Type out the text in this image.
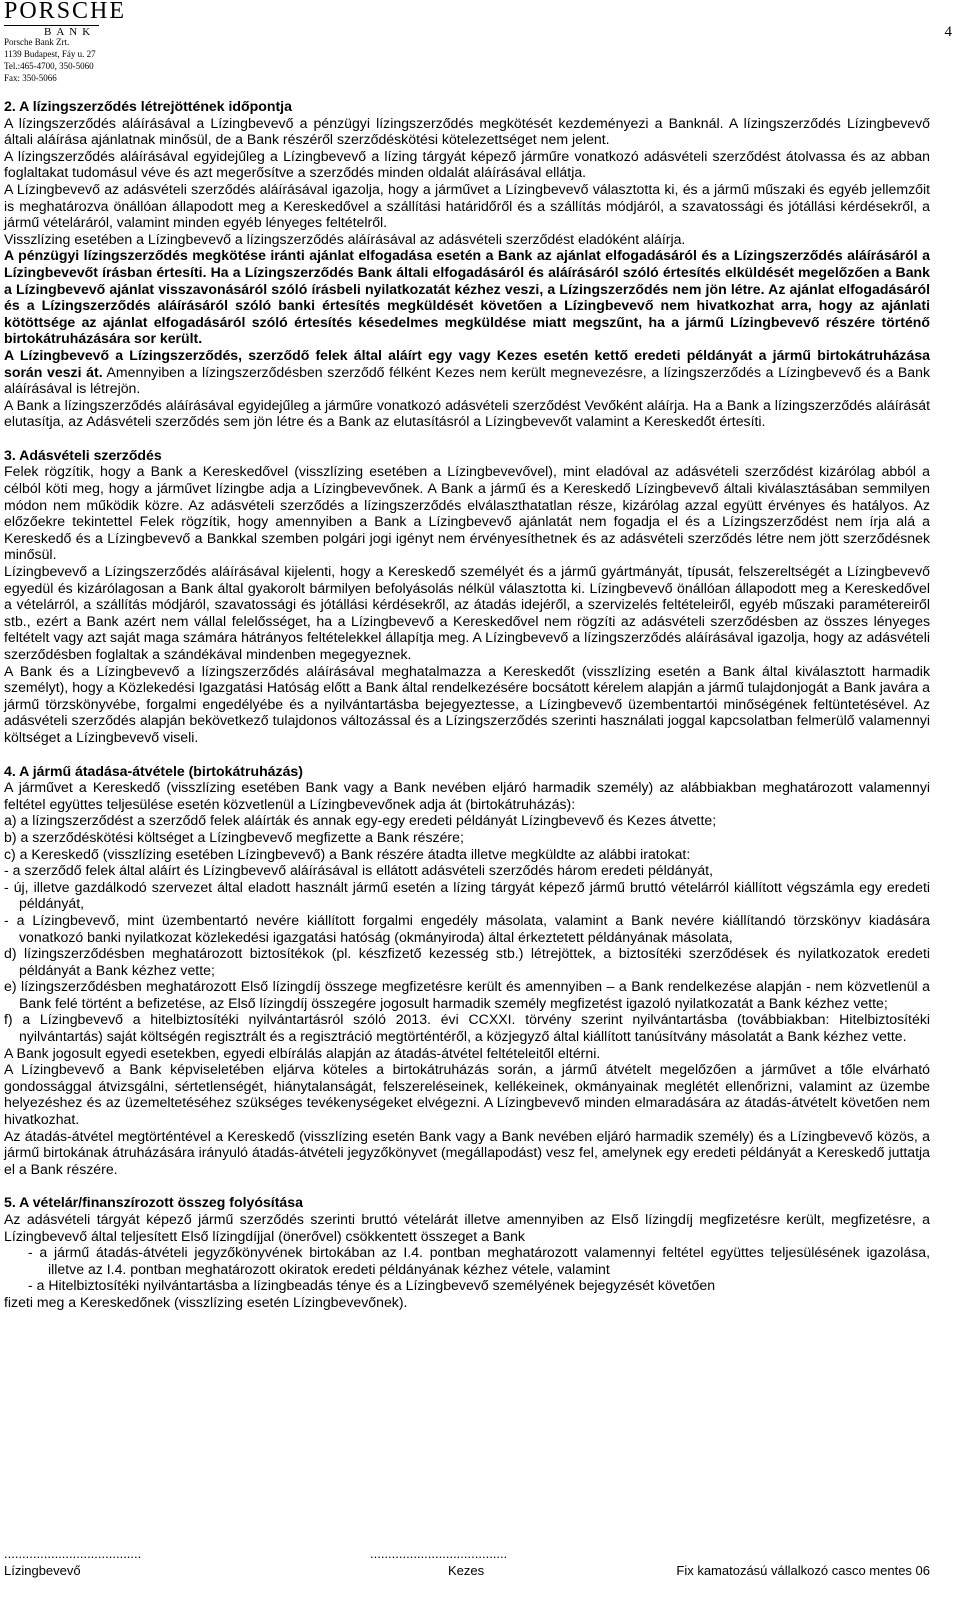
PORSCHE
BANK
Porsche Bank Zrt.
1139 Budapest, Fáy u. 27
Tel.:465-4700, 350-5060
Fax: 350-5066
4
2. A lízingszerződés létrejöttének időpontja

A lízingszerződés aláírásával a Lízingbevevő a pénzügyi lízingszerződés megkötését kezdeményezi a Banknál. A lízingszerződés Lízingbevevő általi aláírása ajánlatnak minősül, de a Bank részéről szerződéskötési kötelezettséget nem jelent.

A lízingszerződés aláírásával egyidejűleg a Lízingbevevő a lízing tárgyát képező járműre vonatkozó adásvételi szerződést átolvassa és az abban foglaltakat tudomásul véve és azt megerősítve a szerződés minden oldalát aláírásával ellátja.

A Lízingbevevő az adásvételi szerződés aláírásával igazolja, hogy a járművet a Lízingbevevő választotta ki, és a jármű műszaki és egyéb jellemzőit is meghatározva önállóan állapodott meg a Kereskedővel a szállítási határidőről és a szállítás módjáról, a szavatossági és jótállási kérdésekről, a jármű vételáráról, valamint minden egyéb lényeges feltételről.

Visszlízing esetében a Lízingbevevő a lízingszerződés aláírásával az adásvételi szerződést eladóként aláírja.

A pénzügyi lízingszerződés megkötése iránti ajánlat elfogadása esetén a Bank az ajánlat elfogadásáról és a Lízingszerződés aláírásáról a Lízingbevevőt írásban értesíti. Ha a Lízingszerződés Bank általi elfogadásáról és aláírásáról szóló értesítés elküldését megelőzően a Bank a Lízingbevevő ajánlat visszavonásáról szóló írásbeli nyilatkozatát kézhez veszi, a Lízingszerződés nem jön létre. Az ajánlat elfogadásáról és a Lízingszerződés aláírásáról szóló banki értesítés megküldését követően a Lízingbevevő nem hivatkozhat arra, hogy az ajánlati kötöttsége az ajánlat elfogadásáról szóló értesítés késedelmes megküldése miatt megszűnt, ha a jármű Lízingbevevő részére történő birtokátruházására sor került.

A Lízingbevevő a Lízingszerződés, szerződő felek által aláírt egy vagy Kezes esetén kettő eredeti példányát a jármű birtokátruházása során veszi át. Amennyiben a lízingszerződésben szerződő félként Kezes nem került megnevezésre, a lízingszerződés a Lízingbevevő és a Bank aláírásával is létrejön.

A Bank a lízingszerződés aláírásával egyidejűleg a járműre vonatkozó adásvételi szerződést Vevőként aláírja. Ha a Bank a lízingszerződés aláírását elutasítja, az Adásvételi szerződés sem jön létre és a Bank az elutasításról a Lízingbevevőt valamint a Kereskedőt értesíti.

3. Adásvételi szerződés

Felek rögzítik, hogy a Bank a Kereskedővel (visszlízing esetében a Lízingbevevővel), mint eladóval az adásvételi szerződést kizárólag abból a célból köti meg, hogy a járművet lízingbe adja a Lízingbevevőnek. A Bank a jármű és a Kereskedő Lízingbevevő általi kiválasztásában semmilyen módon nem működik közre. Az adásvételi szerződés a lízingszerződés elválaszthatatlan része, kizárólag azzal együtt érvényes és hatályos. Az előzőekre tekintettel Felek rögzítik, hogy amennyiben a Bank a Lízingbevevő ajánlatát nem fogadja el és a Lízingszerződést nem írja alá a Kereskedő és a Lízingbevevő a Bankkal szemben polgári jogi igényt nem érvényesíthetnek és az adásvételi szerződés létre nem jött szerződésnek minősül.

Lízingbevevő a Lízingszerződés aláírásával kijelenti, hogy a Kereskedő személyét és a jármű gyártmányát, típusát, felszereltségét a Lízingbevevő egyedül és kizárólagosan a Bank által gyakorolt bármilyen befolyásolás nélkül választotta ki. Lízingbevevő önállóan állapodott meg a Kereskedővel a vételárról, a szállítás módjáról, szavatossági és jótállási kérdésekről, az átadás idejéről, a szervizelés feltételeiről, egyéb műszaki paramétereiről stb., ezért a Bank azért nem vállal felelősséget, ha a Lízingbevevő a Kereskedővel nem rögzíti az adásvételi szerződésben az összes lényeges feltételt vagy azt saját maga számára hátrányos feltételekkel állapítja meg. A Lízingbevevő a lízingszerződés aláírásával igazolja, hogy az adásvételi szerződésben foglaltak a szándékával mindenben megegyeznek.

A Bank és a Lízingbevevő a lízingszerződés aláírásával meghatalmazza a Kereskedőt (visszlízing esetén a Bank által kiválasztott harmadik személyt), hogy a Közlekedési Igazgatási Hatóság előtt a Bank által rendelkezésére bocsátott kérelem alapján a jármű tulajdonjogát a Bank javára a jármű törzskönyvébe, forgalmi engedélyébe és a nyilvántartásba bejegyeztesse, a Lízingbevevő üzembentartói minőségének feltüntetésével. Az adásvételi szerződés alapján bekövetkező tulajdonos változással és a Lízingszerződés szerinti használati joggal kapcsolatban felmerülő valamennyi költséget a Lízingbevevő viseli.

4. A jármű átadása-átvétele (birtokátruházás)

A járművet a Kereskedő (visszlízing esetében Bank vagy a Bank nevében eljáró harmadik személy) az alábbiakban meghatározott valamennyi feltétel együttes teljesülése esetén közvetlenül a Lízingbevevőnek adja át (birtokátruházás):

a) a lízingszerződést a szerződő felek aláírták és annak egy-egy eredeti példányát Lízingbevevő és Kezes átvette;

b) a szerződéskötési költséget a Lízingbevevő megfizette a Bank részére;

c) a Kereskedő (visszlízing esetében Lízingbevevő) a Bank részére átadta illetve megküldte az alábbi iratokat:

- a szerződő felek által aláírt és Lízingbevevő aláírásával is ellátott adásvételi szerződés három eredeti példányát,

- új, illetve gazdálkodó szervezet által eladott használt jármű esetén a lízing tárgyát képező jármű bruttó vételárról kiállított végszámla egy eredeti példányát,

- a Lízingbevevő, mint üzembentartó nevére kiállított forgalmi engedély másolata, valamint a Bank nevére kiállítandó törzskönyv kiadására vonatkozó banki nyilatkozat közlekedési igazgatási hatóság (okmányiroda) által érkeztetett példányának másolata,

d) lízingszerződésben meghatározott biztosítékok (pl. készfizető kezesség stb.) létrejöttek, a biztosítéki szerződések és nyilatkozatok eredeti példányát a Bank kézhez vette;

e) lízingszerződésben meghatározott Első lízingdíj összege megfizetésre került és amennyiben – a Bank rendelkezése alapján - nem közvetlenül a Bank felé történt a befizetése, az Első lízingdíj összegére jogosult harmadik személy megfizetést igazoló nyilatkozatát a Bank kézhez vette;

f) a Lízingbevevő a hitelbiztosítéki nyilvántartásról szóló 2013. évi CCXXI. törvény szerint nyilvántartásba (továbbiakban: Hitelbiztosítéki nyilvántartás) saját költségén regisztrált és a regisztráció megtörténtéről, a közjegyző által kiállított tanúsítvány másolatát a Bank kézhez vette.

A Bank jogosult egyedi esetekben, egyedi elbírálás alapján az átadás-átvétel feltételeitől eltérni.

A Lízingbevevő a Bank képviseletében eljárva köteles a birtokátruházás során, a jármű átvételt megelőzően a járművet a tőle elvárható gondossággal átvizsgálni, sértetlenségét, hiánytalanságát, felszereléseinek, kellékeinek, okmányainak meglétét ellenőrizni, valamint az üzembe helyezéshez és az üzemeltetéséhez szükséges tevékenységeket elvégezni. A Lízingbevevő minden elmaradására az átadás-átvételt követően nem hivatkozhat.

Az átadás-átvétel megtörténtével a Kereskedő (visszlízing esetén Bank vagy a Bank nevében eljáró harmadik személy) és a Lízingbevevő közös, a jármű birtokának átruházására irányuló átadás-átvételi jegyzőkönyvet (megállapodást) vesz fel, amelynek egy eredeti példányát a Kereskedő juttatja el a Bank részére.

5. A vételár/finanszírozott összeg folyósítása

Az adásvételi tárgyát képező jármű szerződés szerinti bruttó vételárát illetve amennyiben az Első lízingdíj megfizetésre került, megfizetésre, a Lízingbevevő által teljesített Első lízingdíjjal (önerővel) csökkentett összeget a Bank

- a jármű átadás-átvételi jegyzőkönyvének birtokában az I.4. pontban meghatározott valamennyi feltétel együttes teljesülésének igazolása, illetve az I.4. pontban meghatározott okiratok eredeti példányának kézhez vétele, valamint

- a Hitelbiztosítéki nyilvántartásba a lízingbeadás ténye és a Lízingbevevő személyének bejegyzését követően

fizeti meg a Kereskedőnek (visszlízing esetén Lízingbevevőnek).

......................................	......................................
Lízingbevevő	Kezes	Fix kamatozású vállalkozó casco mentes 06
